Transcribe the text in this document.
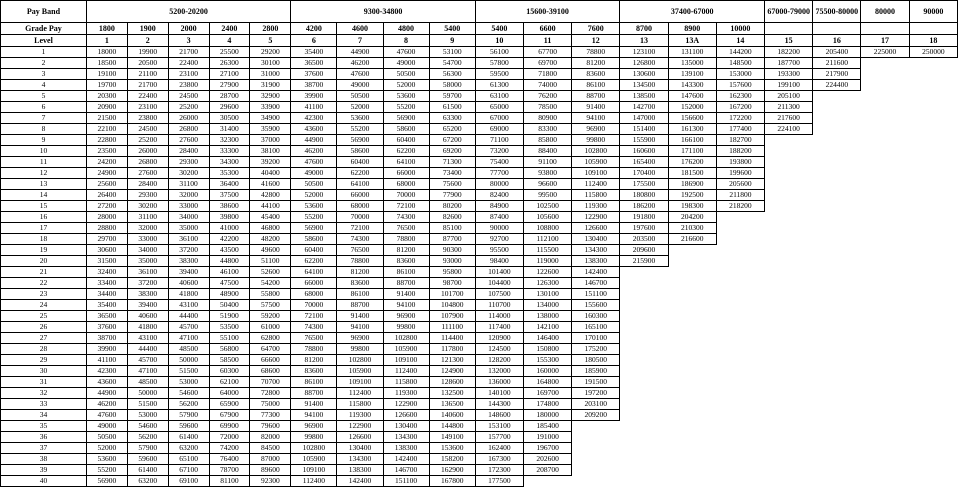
Pay Band	5200-20200					9300-34800				15600-39100			37400-67000			67000-79000	75500-80000	80000	90000
Grade Pay	1800	1900	2000	2400	2800	4200	4600	4800	5400	5400	6600	7600	8700	8900	10000				
Level	1	2	3	4	5	6	7	8	9	10	11	12	13	13A	14	15	16	17	18
1	18000	19900	21700	25500	29200	35400	44900	47600	53100	56100	67700	78800	123100	131100	144200	182200	205400	225000	250000
2	18500	20500	22400	26300	30100	36500	46200	49000	54700	57800	69700	81200	126800	135000	148500	187700	211600		
3	19100	21100	23100	27100	31000	37600	47600	50500	56300	59500	71800	83600	130600	139100	153000	193300	217900		
4	19700	21700	23800	27900	31900	38700	49000	52000	58000	61300	74000	86100	134500	143300	157600	199100	224400		
5	20300	22400	24500	28700	32900	39900	50500	53600	59700	63100	76200	88700	138500	147600	162300	205100			
6	20900	23100	25200	29600	33900	41100	52000	55200	61500	65000	78500	91400	142700	152000	167200	211300			
7	21500	23800	26000	30500	34900	42300	53600	56900	63300	67000	80900	94100	147000	156600	172200	217600			
8	22100	24500	26800	31400	35900	43600	55200	58600	65200	69000	83300	96900	151400	161300	177400	224100			
9	22800	25200	27600	32300	37000	44900	56900	60400	67200	71100	85800	99800	155900	166100	182700				
10	23500	26000	28400	33300	38100	46200	58600	62200	69200	73200	88400	102800	160600	171100	188200				
11	24200	26800	29300	34300	39200	47600	60400	64100	71300	75400	91100	105900	165400	176200	193800				
12	24900	27600	30200	35300	40400	49000	62200	66000	73400	77700	93800	109100	170400	181500	199600				
13	25600	28400	31100	36400	41600	50500	64100	68000	75600	80000	96600	112400	175500	186900	205600				
14	26400	29300	32000	37500	42800	52000	66000	70000	77900	82400	99500	115800	180800	192500	211800				
15	27200	30200	33000	38600	44100	53600	68000	72100	80200	84900	102500	119300	186200	198300	218200				
16	28000	31100	34000	39800	45400	55200	70000	74300	82600	87400	105600	122900	191800	204200					
17	28800	32000	35000	41000	46800	56900	72100	76500	85100	90000	108800	126600	197600	210300					
18	29700	33000	36100	42200	48200	58600	74300	78800	87700	92700	112100	130400	203500	216600					
19	30600	34000	37200	43500	49600	60400	76500	81200	90300	95500	115500	134300	209600						
20	31500	35000	38300	44800	51100	62200	78800	83600	93000	98400	119000	138300	215900						
21	32400	36100	39400	46100	52600	64100	81200	86100	95800	101400	122600	142400							
22	33400	37200	40600	47500	54200	66000	83600	88700	98700	104400	126300	146700							
23	34400	38300	41800	48900	55800	68000	86100	91400	101700	107500	130100	151100							
24	35400	39400	43100	50400	57500	70000	88700	94100	104800	110700	134000	155600							
25	36500	40600	44400	51900	59200	72100	91400	96900	107900	114000	138000	160300							
26	37600	41800	45700	53500	61000	74300	94100	99800	111100	117400	142100	165100							
27	38700	43100	47100	55100	62800	76500	96900	102800	114400	120900	146400	170100							
28	39900	44400	48500	56800	64700	78800	99800	105900	117800	124500	150800	175200							
29	41100	45700	50000	58500	66600	81200	102800	109100	121300	128200	155300	180500							
30	42300	47100	51500	60300	68600	83600	105900	112400	124900	132000	160000	185900							
31	43600	48500	53000	62100	70700	86100	109100	115800	128600	136000	164800	191500							
32	44900	50000	54600	64000	72800	88700	112400	119300	132500	140100	169700	197200							
33	46200	51500	56200	65900	75000	91400	115800	122900	136500	144300	174800	203100							
34	47600	53000	57900	67900	77300	94100	119300	126600	140600	148600	180000	209200							
35	49000	54600	59600	69900	79600	96900	122900	130400	144800	153100	185400								
36	50500	56200	61400	72000	82000	99800	126600	134300	149100	157700	191000								
37	52000	57900	63200	74200	84500	102800	130400	138300	153600	162400	196700								
38	53600	59600	65100	76400	87000	105900	134300	142400	158200	167300	202600								
39	55200	61400	67100	78700	89600	109100	138300	146700	162900	172300	208700								
40	56900	63200	69100	81100	92300	112400	142400	151100	167800	177500									
